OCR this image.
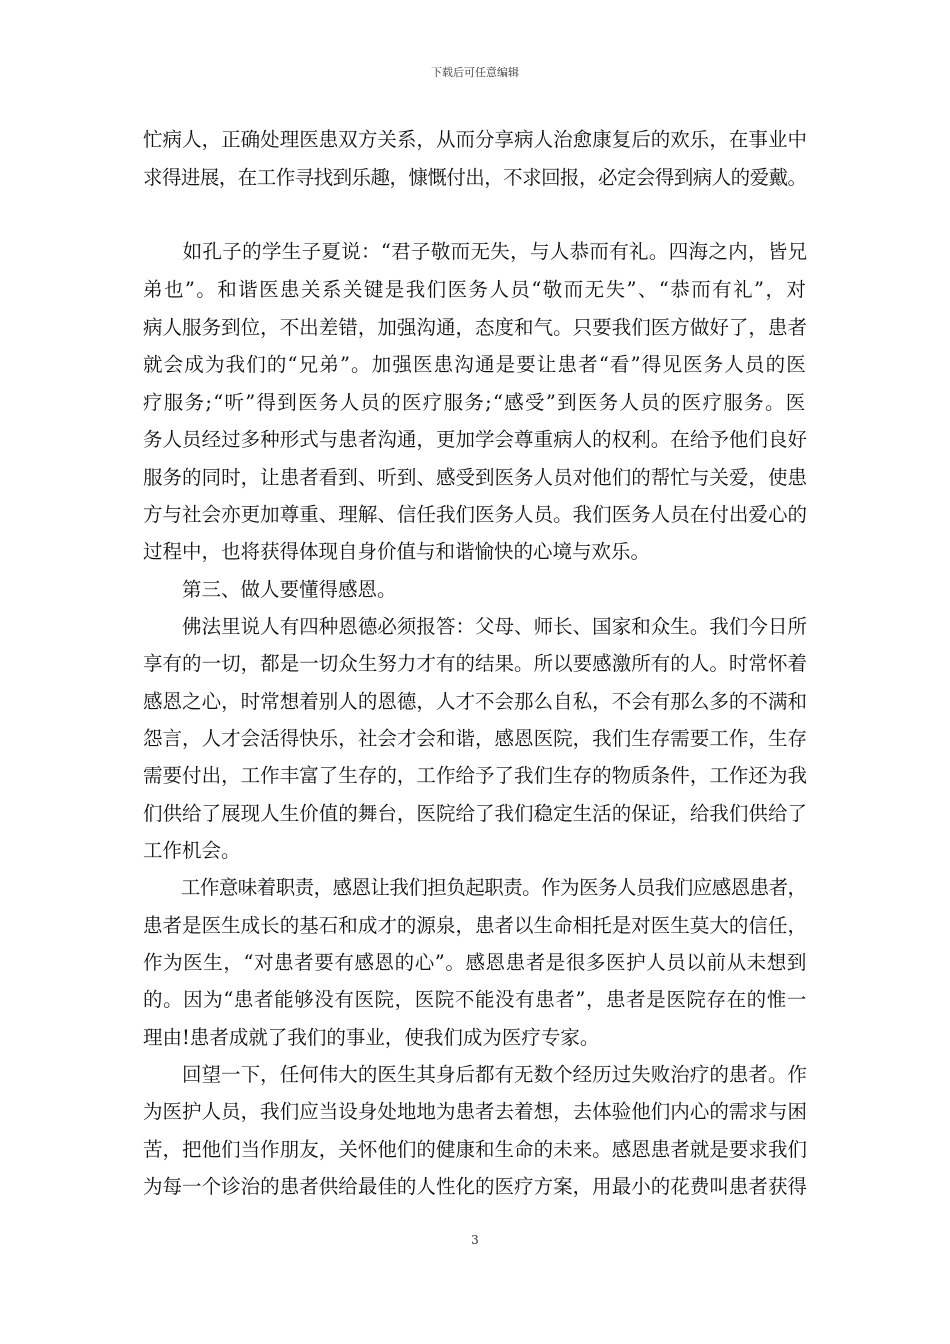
下载后可任意编辑
忙病人，正确处理医患双方关系，从而分享病人治愈康复后的欢乐，在事业中
求得进展，在工作寻找到乐趣，慷慨付出，不求回报，必定会得到病人的爱戴。
　　如孔子的学生子夏说：“君子敬而无失，与人恭而有礼。四海之内，皆兄
弟也”。和谐医患关系关键是我们医务人员“敬而无失”、“恭而有礼”，对
病人服务到位，不出差错，加强沟通，态度和气。只要我们医方做好了，患者
就会成为我们的“兄弟”。加强医患沟通是要让患者“看”得见医务人员的医
疗服务;“听”得到医务人员的医疗服务;“感受”到医务人员的医疗服务。医
务人员经过多种形式与患者沟通，更加学会尊重病人的权利。在给予他们良好
服务的同时，让患者看到、听到、感受到医务人员对他们的帮忙与关爱，使患
方与社会亦更加尊重、理解、信任我们医务人员。我们医务人员在付出爱心的
过程中，也将获得体现自身价值与和谐愉快的心境与欢乐。
　　第三、做人要懂得感恩。
　　佛法里说人有四种恩德必须报答：父母、师长、国家和众生。我们今日所
享有的一切，都是一切众生努力才有的结果。所以要感激所有的人。时常怀着
感恩之心，时常想着别人的恩德，人才不会那么自私，不会有那么多的不满和
怨言，人才会活得快乐，社会才会和谐，感恩医院，我们生存需要工作，生存
需要付出，工作丰富了生存的，工作给予了我们生存的物质条件，工作还为我
们供给了展现人生价值的舞台，医院给了我们稳定生活的保证，给我们供给了
工作机会。
　　工作意味着职责，感恩让我们担负起职责。作为医务人员我们应感恩患者，
患者是医生成长的基石和成才的源泉，患者以生命相托是对医生莫大的信任，
作为医生，“对患者要有感恩的心”。感恩患者是很多医护人员以前从未想到
的。因为“患者能够没有医院，医院不能没有患者”，患者是医院存在的惟一
理由!患者成就了我们的事业，使我们成为医疗专家。
　　回望一下，任何伟大的医生其身后都有无数个经历过失败治疗的患者。作
为医护人员，我们应当设身处地地为患者去着想，去体验他们内心的需求与困
苦，把他们当作朋友，关怀他们的健康和生命的未来。感恩患者就是要求我们
为每一个诊治的患者供给最佳的人性化的医疗方案，用最小的花费叫患者获得
3
